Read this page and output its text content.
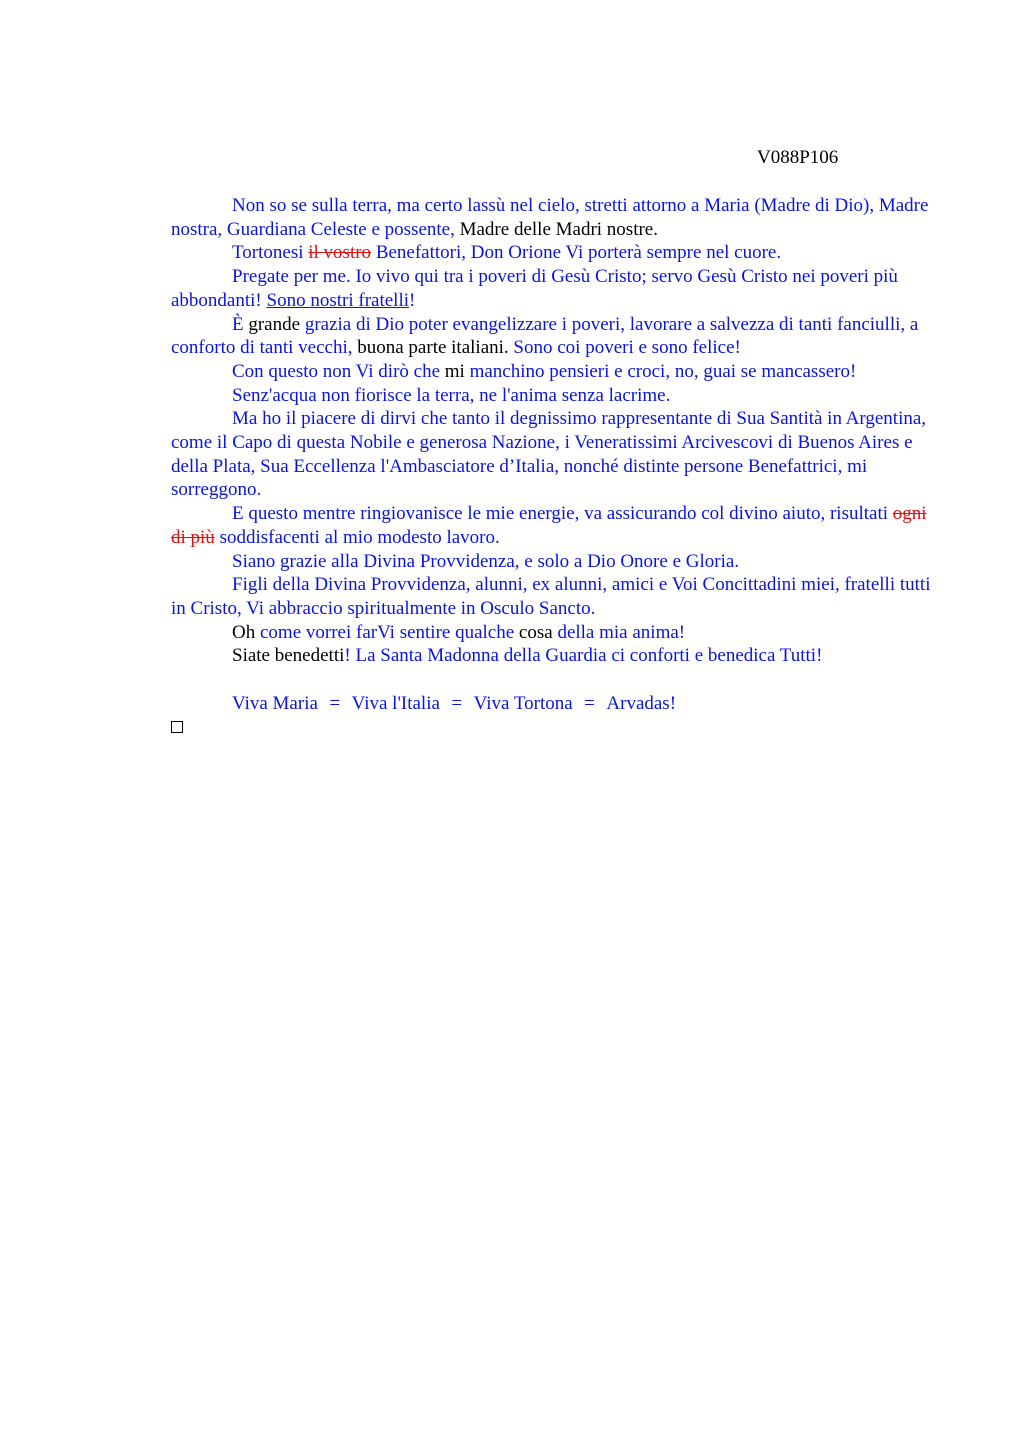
V088P106

Non so se sulla terra, ma certo lassù nel cielo, stretti attorno a Maria (Madre di Dio), Madre nostra, Guardiana Celeste e possente, Madre delle Madri nostre.

Tortonesi il vostro Benefattori, Don Orione Vi porterà sempre nel cuore.

Pregate per me. Io vivo qui tra i poveri di Gesù Cristo; servo Gesù Cristo nei poveri più abbondanti! Sono nostri fratelli!

È grande grazia di Dio poter evangelizzare i poveri, lavorare a salvezza di tanti fanciulli, a conforto di tanti vecchi, buona parte italiani. Sono coi poveri e sono felice!

Con questo non Vi dirò che mi manchino pensieri e croci, no, guai se mancassero!

Senz'acqua non fiorisce la terra, ne l'anima senza lacrime.

Ma ho il piacere di dirvi che tanto il degnissimo rappresentante di Sua Santità in Argentina, come il Capo di questa Nobile e generosa Nazione, i Veneratissimi Arcivescovi di Buenos Aires e della Plata, Sua Eccellenza l'Ambasciatore d’Italia, nonché distinte persone Benefattrici, mi sorreggono.

E questo mentre ringiovanisce le mie energie, va assicurando col divino aiuto, risultati ogni di più soddisfacenti al mio modesto lavoro.

Siano grazie alla Divina Provvidenza, e solo a Dio Onore e Gloria.

Figli della Divina Provvidenza, alunni, ex alunni, amici e Voi Concittadini miei, fratelli tutti in Cristo, Vi abbraccio spiritualmente in Osculo Sancto.

Oh come vorrei farVi sentire qualche cosa della mia anima!

Siate benedetti! La Santa Madonna della Guardia ci conforti e benedica Tutti!

Viva Maria = Viva l'Italia = Viva Tortona = Arvadas!
